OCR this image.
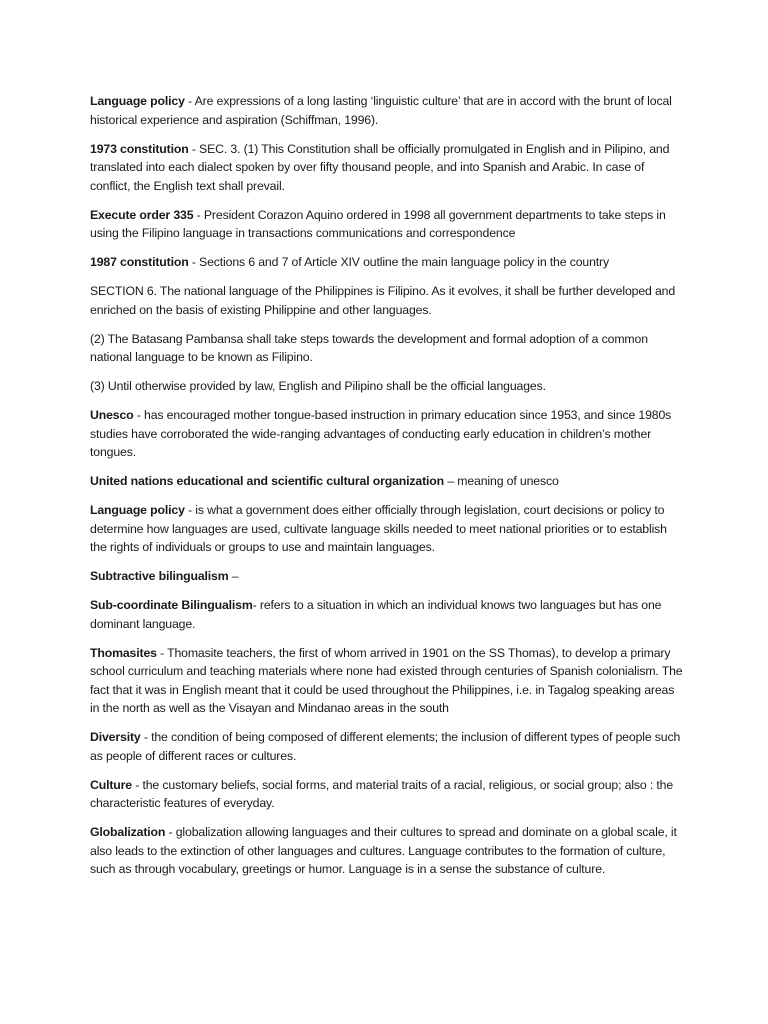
Language policy - Are expressions of a long lasting ‘linguistic culture’ that are in accord with the brunt of local historical experience and aspiration (Schiffman, 1996).

1973 constitution - SEC. 3. (1) This Constitution shall be officially promulgated in English and in Pilipino, and translated into each dialect spoken by over fifty thousand people, and into Spanish and Arabic. In case of conflict, the English text shall prevail.

Execute order 335 - President Corazon Aquino ordered in 1998 all government departments to take steps in using the Filipino language in transactions communications and correspondence

1987 constitution - Sections 6 and 7 of Article XIV outline the main language policy in the country

SECTION 6. The national language of the Philippines is Filipino. As it evolves, it shall be further developed and enriched on the basis of existing Philippine and other languages.

(2) The Batasang Pambansa shall take steps towards the development and formal adoption of a common national language to be known as Filipino.

(3) Until otherwise provided by law, English and Pilipino shall be the official languages.

Unesco - has encouraged mother tongue-based instruction in primary education since 1953, and since 1980s studies have corroborated the wide-ranging advantages of conducting early education in children’s mother tongues.

United nations educational and scientific cultural organization – meaning of unesco

Language policy - is what a government does either officially through legislation, court decisions or policy to determine how languages are used, cultivate language skills needed to meet national priorities or to establish the rights of individuals or groups to use and maintain languages.

Subtractive bilingualism –

Sub-coordinate Bilingualism- refers to a situation in which an individual knows two languages but has one dominant language.

Thomasites - Thomasite teachers, the first of whom arrived in 1901 on the SS Thomas), to develop a primary school curriculum and teaching materials where none had existed through centuries of Spanish colonialism. The fact that it was in English meant that it could be used throughout the Philippines, i.e. in Tagalog speaking areas in the north as well as the Visayan and Mindanao areas in the south

Diversity - the condition of being composed of different elements; the inclusion of different types of people such as people of different races or cultures.

Culture - the customary beliefs, social forms, and material traits of a racial, religious, or social group; also : the characteristic features of everyday.

Globalization - globalization allowing languages and their cultures to spread and dominate on a global scale, it also leads to the extinction of other languages and cultures. Language contributes to the formation of culture, such as through vocabulary, greetings or humor. Language is in a sense the substance of culture.
